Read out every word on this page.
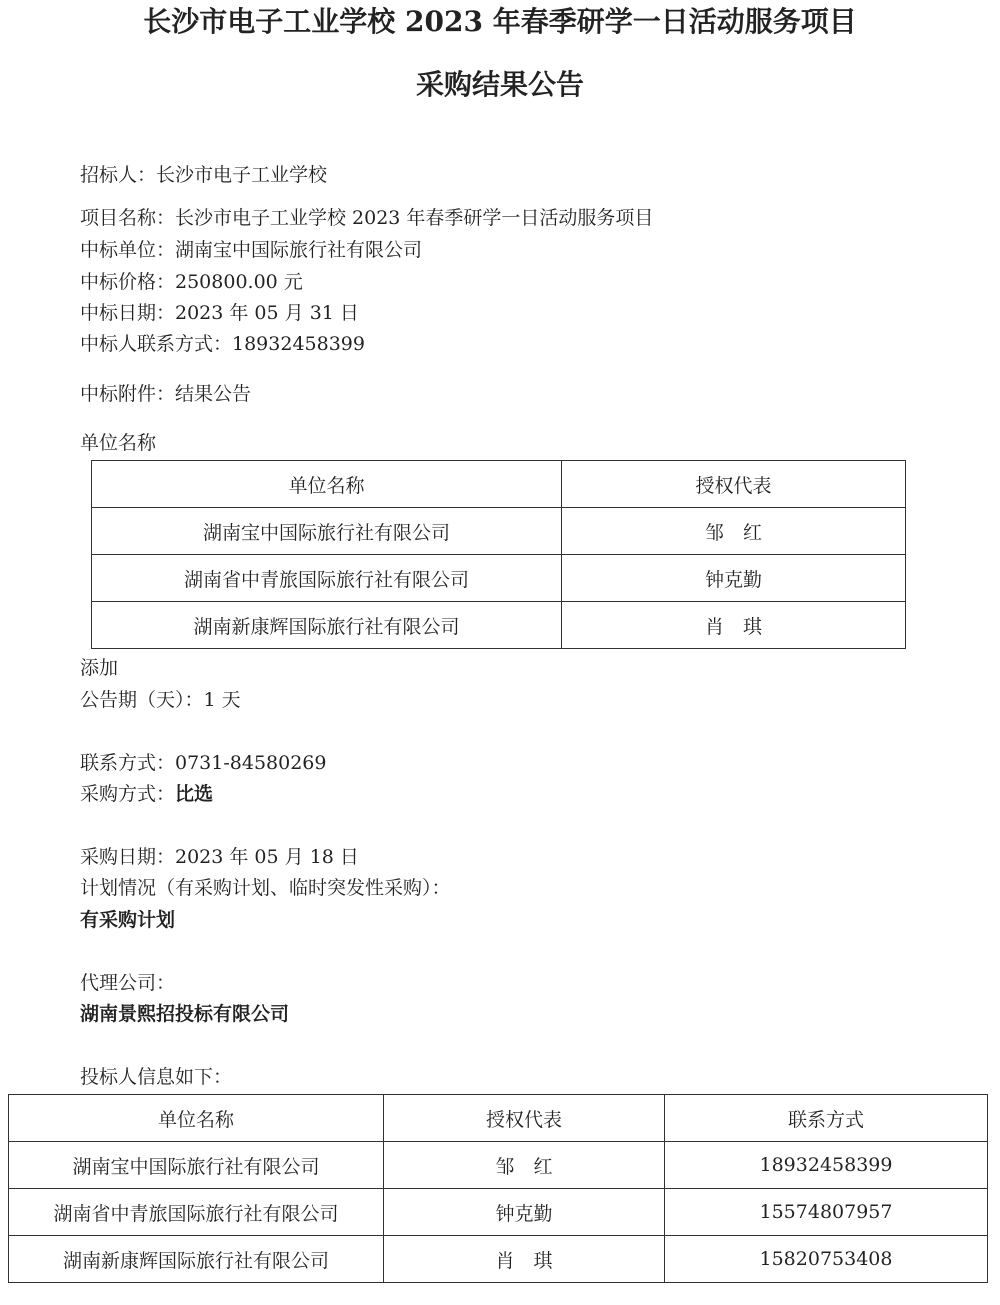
长沙市电子工业学校 2023 年春季研学一日活动服务项目
采购结果公告
招标人：长沙市电子工业学校
项目名称：长沙市电子工业学校 2023 年春季研学一日活动服务项目
中标单位：湖南宝中国际旅行社有限公司
中标价格：250800.00 元
中标日期：2023 年 05 月 31 日
中标人联系方式：18932458399
中标附件：结果公告
单位名称
单位名称	授权代表
湖南宝中国际旅行社有限公司	邹　红
湖南省中青旅国际旅行社有限公司	钟克勤
湖南新康辉国际旅行社有限公司	肖　琪
添加
公告期（天）：1 天
联系方式：0731-84580269
采购方式：比选
采购日期：2023 年 05 月 18 日
计划情况（有采购计划、临时突发性采购）：
有采购计划
代理公司：
湖南景熙招投标有限公司
投标人信息如下：
单位名称	授权代表	联系方式
湖南宝中国际旅行社有限公司	邹　红	18932458399
湖南省中青旅国际旅行社有限公司	钟克勤	15574807957
湖南新康辉国际旅行社有限公司	肖　琪	15820753408
